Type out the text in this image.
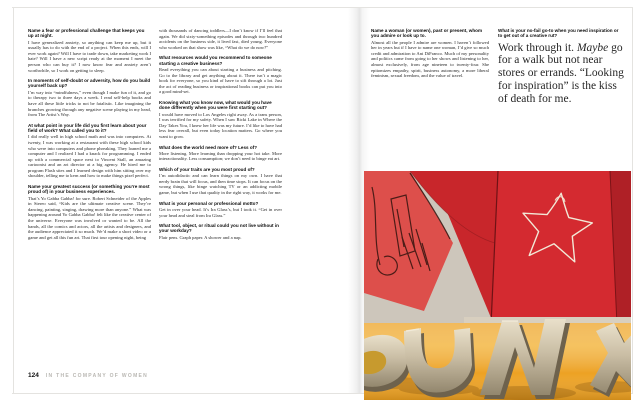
Name a fear or professional challenge that keeps you up at night.

I have generalized anxiety, so anything can keep me up, but it usually has to do with the end of a project. When this ends, will I ever work again? Will I have to trade down, take marketing work I hate? Will I have a new script ready at the moment I meet the person who can buy it? I now know fear and anxiety aren’t worthwhile, so I work on getting to sleep.

In moments of self-doubt or adversity, how do you build yourself back up?

I’m way into “mindfulness,” even though I make fun of it, and go to therapy two to three days a week. I read self-help books and have all these little tricks to not be fatalistic. Like imagining the branches growing through any negative scene playing in my head, from The Artist’s Way.

At what point in your life did you first learn about your field of work? What called you to it?

I did really well in high school math and was into computers. At twenty, I was working at a restaurant with these high school kids who were into computers and phone phreaking. They loaned me a computer and I realized I had a knack for programming. I ended up with a commercial space next to Vincent Stall, an amazing cartoonist and an art director at a big agency. He hired me to program Flash sites and I learned design with him sitting over my shoulder, telling me to kern and how to make things pixel perfect.

Name your greatest success (or something you’re most proud of) in your business experiences.

That’s Yo Gabba Gabba! for sure. Robert Schneider of the Apples in Stereo said, “Kids are the ultimate creative scene. They’re dancing, painting, singing, drawing more than anyone.” What was happening around Yo Gabba Gabba! felt like the creative center of the universe. Everyone was involved or wanted to be. All the bands, all the comics and actors, all the artists and designers, and the audience appreciated it so much. We’d make a short video or a game and get all this fun art. That first tour opening night, being

with thousands of dancing toddlers—I don’t know if I’ll feel that again. We did sixty-something episodes and through two hundred accidents on the business side, it lived fast, died young. Everyone who worked on that show was like, “What do we do now?”

What resources would you recommend to someone starting a creative business?

Read everything you can about starting a business and pitching. Go to the library and get anything about it. There isn’t a magic book for everyone, so you kind of have to sift through a lot. Just the act of reading business or inspirational books can put you into a good mind-set.

Knowing what you know now, what would you have done differently when you were first starting out?

I would have moved to Los Angeles right away. As a trans person, I was terrified for my safety. When I saw Ricki Lake in Where the Day Takes You, I knew her life was my future. I’d like to have had less fear overall, but even today location matters. Go where you want to grow.

What does the world need more of? Less of?

More listening. More learning than dropping your hot take. More interactionality. Less consumption; we don’t need to binge eat art.

Which of your traits are you most proud of?

I’m autodidactic and can learn things on my own. I have that nerdy brain that will focus, and then time stops. It can focus on the wrong things, like binge watching TV or an addicting mobile game, but when I use that quality in the right way, it works for me.

What is your personal or professional motto?

Get in over your head. It’s Ira Glass’s, but I took it. “Get in over your head and steal from Ira Glass.”

What tool, object, or ritual could you not live without in your workday?

Flair pens. Graph paper. A shower and a nap.

Name a woman (or women), past or present, whom you admire or look up to.

Almost all the people I admire are women. I haven’t followed her in years but if I have to name one woman, I’d give so much credit and admiration to Ani DiFranco. Much of my personality and politics came from going to her shows and listening to her, almost exclusively, from age nineteen to twenty-four. She epitomizes empathy, spirit, business autonomy, a more liberal feminism, sexual freedom, and the value of travel.

What is your no-fail go-to when you need inspiration or to get out of a creative rut?

Work through it. Maybe go for a walk but not near stores or errands. “Looking for inspiration” is the kiss of death for me.

124 IN THE COMPANY OF WOMEN
